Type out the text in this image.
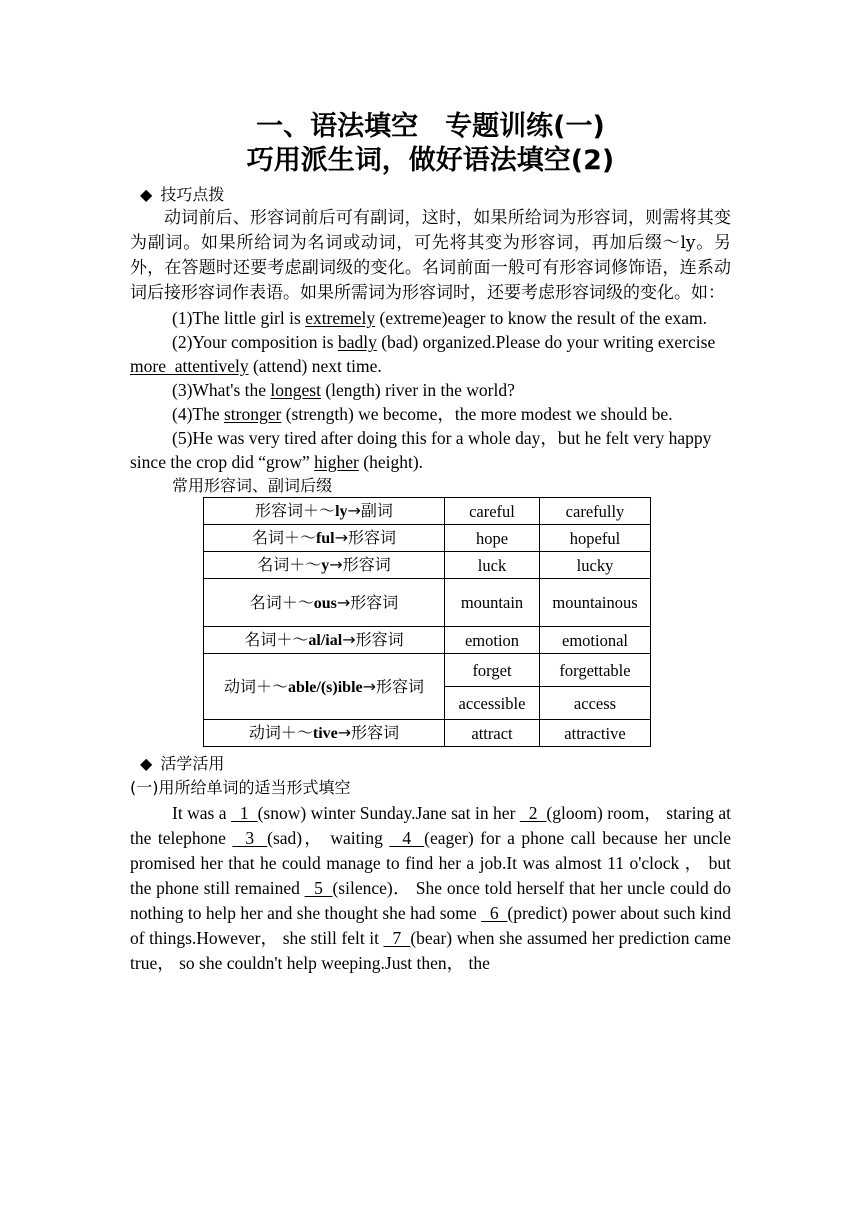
一、语法填空　专题训练(一)
巧用派生词，做好语法填空(2)
◆ 技巧点拨

动词前后、形容词前后可有副词，这时，如果所给词为形容词，则需将其变为副词。如果所给词为名词或动词，可先将其变为形容词，再加后缀～ly。另外，在答题时还要考虑副词级的变化。名词前面一般可有形容词修饰语，连系动词后接形容词作表语。如果所需词为形容词时，还要考虑形容词级的变化。如：

(1)The little girl is extremely (extreme)eager to know the result of the exam.

(2)Your composition is badly (bad) organized.Please do your writing exercise more  attentively (attend) next time.

(3)What's the longest (length) river in the world?

(4)The stronger (strength) we become，the more modest we should be.

(5)He was very tired after doing this for a whole day，but he felt very happy since the crop did “grow” higher (height).

常用形容词、副词后缀
形容词＋～ly→副词	careful	carefully
名词＋～ful→形容词	hope	hopeful
名词＋～y→形容词	luck	lucky
名词＋～ous→形容词	mountain	mountainous
名词＋～al/ial→形容词	emotion	emotional
动词＋～able/(s)ible→形容词	forget	forgettable
	accessible	access
动词＋～tive→形容词	attract	attractive
◆ 活学活用
(一)用所给单词的适当形式填空

It was a   1  (snow) winter Sunday.Jane sat in her   2  (gloom) room， staring at the telephone   3  (sad)， waiting   4  (eager) for a phone call because her uncle promised her that he could manage to find her a job.It was almost 11 o'clock ， but the phone still remained   5  (silence)． She once told herself that her uncle could do nothing to help her and she thought she had some   6  (predict) power about such kind of things.However， she still felt it   7  (bear) when she assumed her prediction came true， so she couldn't help weeping.Just then， the
